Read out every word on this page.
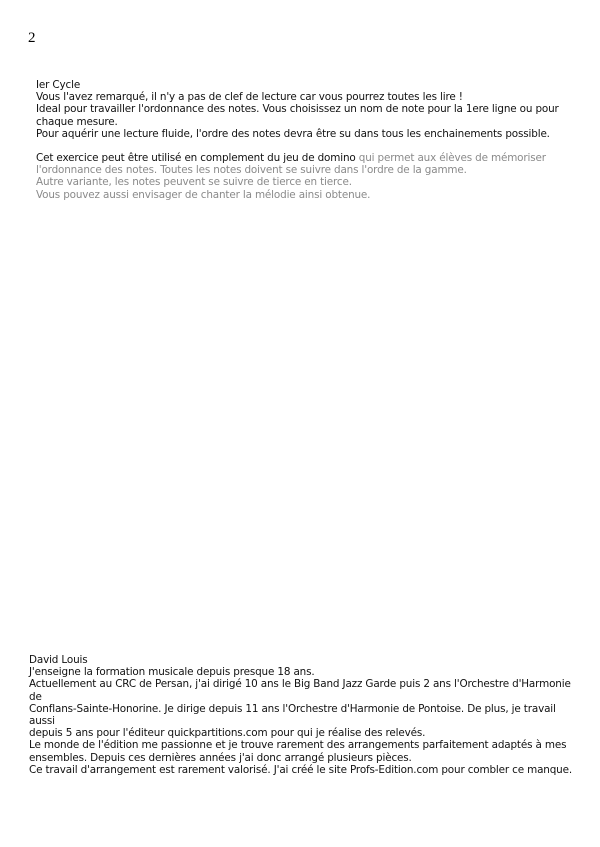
2

Ier Cycle

Vous l'avez remarqué, il n'y a pas de clef de lecture car vous pourrez toutes les lire !

Ideal pour travailler l'ordonnance des notes. Vous choisissez un nom de note pour la 1ere ligne ou pour

chaque mesure.

Pour aquérir une lecture fluide, l'ordre des notes devra être su dans tous les enchainements possible.

Cet exercice peut être utilisé en complement du jeu de domino qui permet aux élèves de mémoriser

l'ordonnance des notes. Toutes les notes doivent se suivre dans l'ordre de la gamme.

Autre variante, les notes peuvent se suivre de tierce en tierce.

Vous pouvez aussi envisager de chanter la mélodie ainsi obtenue.

David Louis

J'enseigne la formation musicale depuis presque 18 ans.

Actuellement au CRC de Persan, j'ai dirigé 10 ans le Big Band Jazz Garde puis 2 ans l'Orchestre d'Harmonie de

Conflans-Sainte-Honorine. Je dirige depuis 11 ans l'Orchestre d'Harmonie de Pontoise. De plus, je travail aussi

depuis 5 ans pour l'éditeur quickpartitions.com pour qui je réalise des relevés.

Le monde de l'édition me passionne et je trouve rarement des arrangements parfaitement adaptés à mes

ensembles. Depuis ces dernières années j'ai donc arrangé plusieurs pièces.

Ce travail d'arrangement est rarement valorisé. J'ai créé le site Profs-Edition.com pour combler ce manque.
